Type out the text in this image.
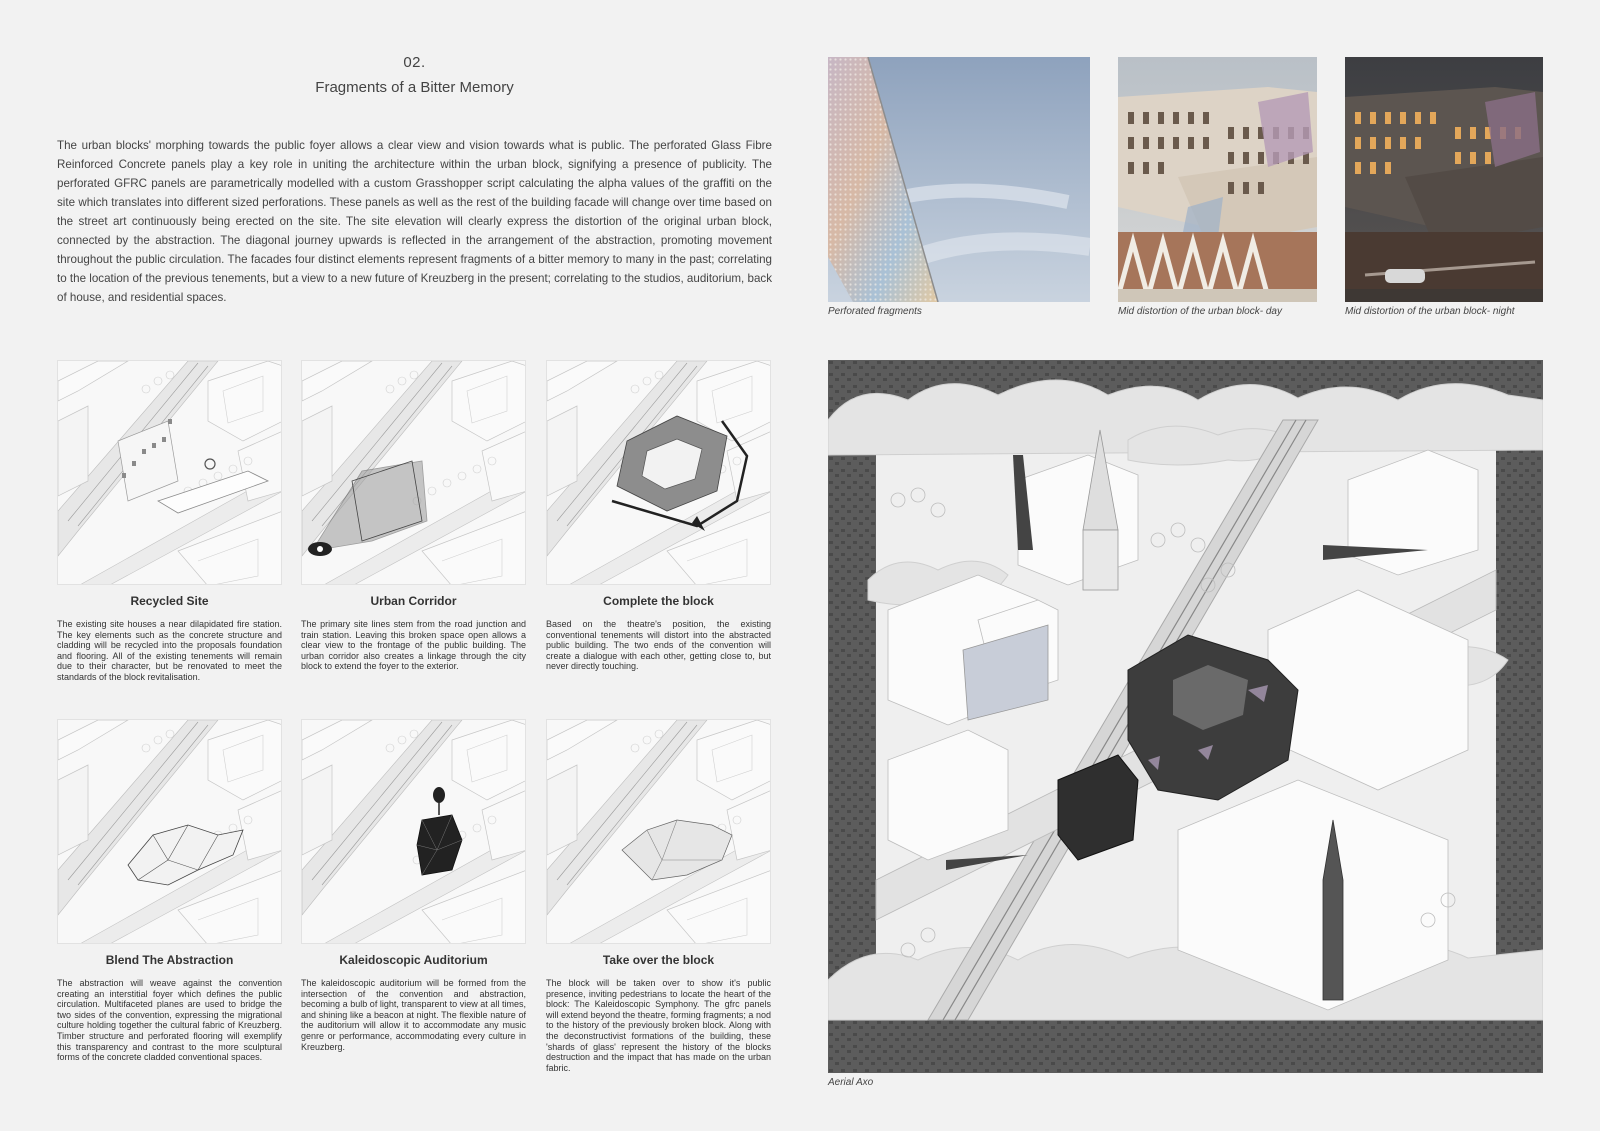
02.
Fragments of a Bitter Memory
The urban blocks' morphing towards the public foyer allows a clear view and vision towards what is public. The perforated Glass Fibre Reinforced Concrete panels play a key role in uniting the architecture within the urban block, signifying a presence of publicity. The perforated GFRC panels are parametrically modelled with a custom Grasshopper script calculating the alpha values of the graffiti on the site which translates into different sized perforations. These panels as well as the rest of the building facade will change over time based on the street art continuously being erected on the site. The site elevation will clearly express the distortion of the original urban block, connected by the abstraction. The diagonal journey upwards is reflected in the arrangement of the abstraction, promoting movement throughout the public circulation. The facades four distinct elements represent fragments of a bitter memory to many in the past; correlating to the location of the previous tenements, but a view to a new future of Kreuzberg in the present; correlating to the studios, auditorium, back of house, and residential spaces.
Perforated fragments	Mid distortion of the urban block- day	Mid distortion of the urban block- night
Recycled Site	Urban Corridor	Complete the block
The existing site houses a near dilapidated fire station. The key elements such as the concrete structure and cladding will be recycled into the proposals foundation and flooring. All of the existing tenements will remain due to their character, but be renovated to meet the standards of the block revitalisation.
The primary site lines stem from the road junction and train station. Leaving this broken space open allows a clear view to the frontage of the public building. The urban corridor also creates a linkage through the city block to extend the foyer to the exterior.
Based on the theatre's position, the existing conventional tenements will distort into the abstracted public building. The two ends of the convention will create a dialogue with each other, getting close to, but never directly touching.
Blend The Abstraction	Kaleidoscopic Auditorium	Take over the block
The abstraction will weave against the convention creating an interstitial foyer which defines the public circulation. Multifaceted planes are used to bridge the two sides of the convention, expressing the migrational culture holding together the cultural fabric of Kreuzberg. Timber structure and perforated flooring will exemplify this transparency and contrast to the more sculptural forms of the concrete cladded conventional spaces.
The kaleidoscopic auditorium will be formed from the intersection of the convention and abstraction, becoming a bulb of light, transparent to view at all times, and shining like a beacon at night. The flexible nature of the auditorium will allow it to accommodate any music genre or performance, accommodating every culture in Kreuzberg.
The block will be taken over to show it's public presence, inviting pedestrians to locate the heart of the block: The Kaleidoscopic Symphony. The gfrc panels will extend beyond the theatre, forming fragments; a nod to the history of the previously broken block. Along with the deconstructivist formations of the building, these 'shards of glass' represent the history of the blocks destruction and the impact that has made on the urban fabric.
Aerial Axo
